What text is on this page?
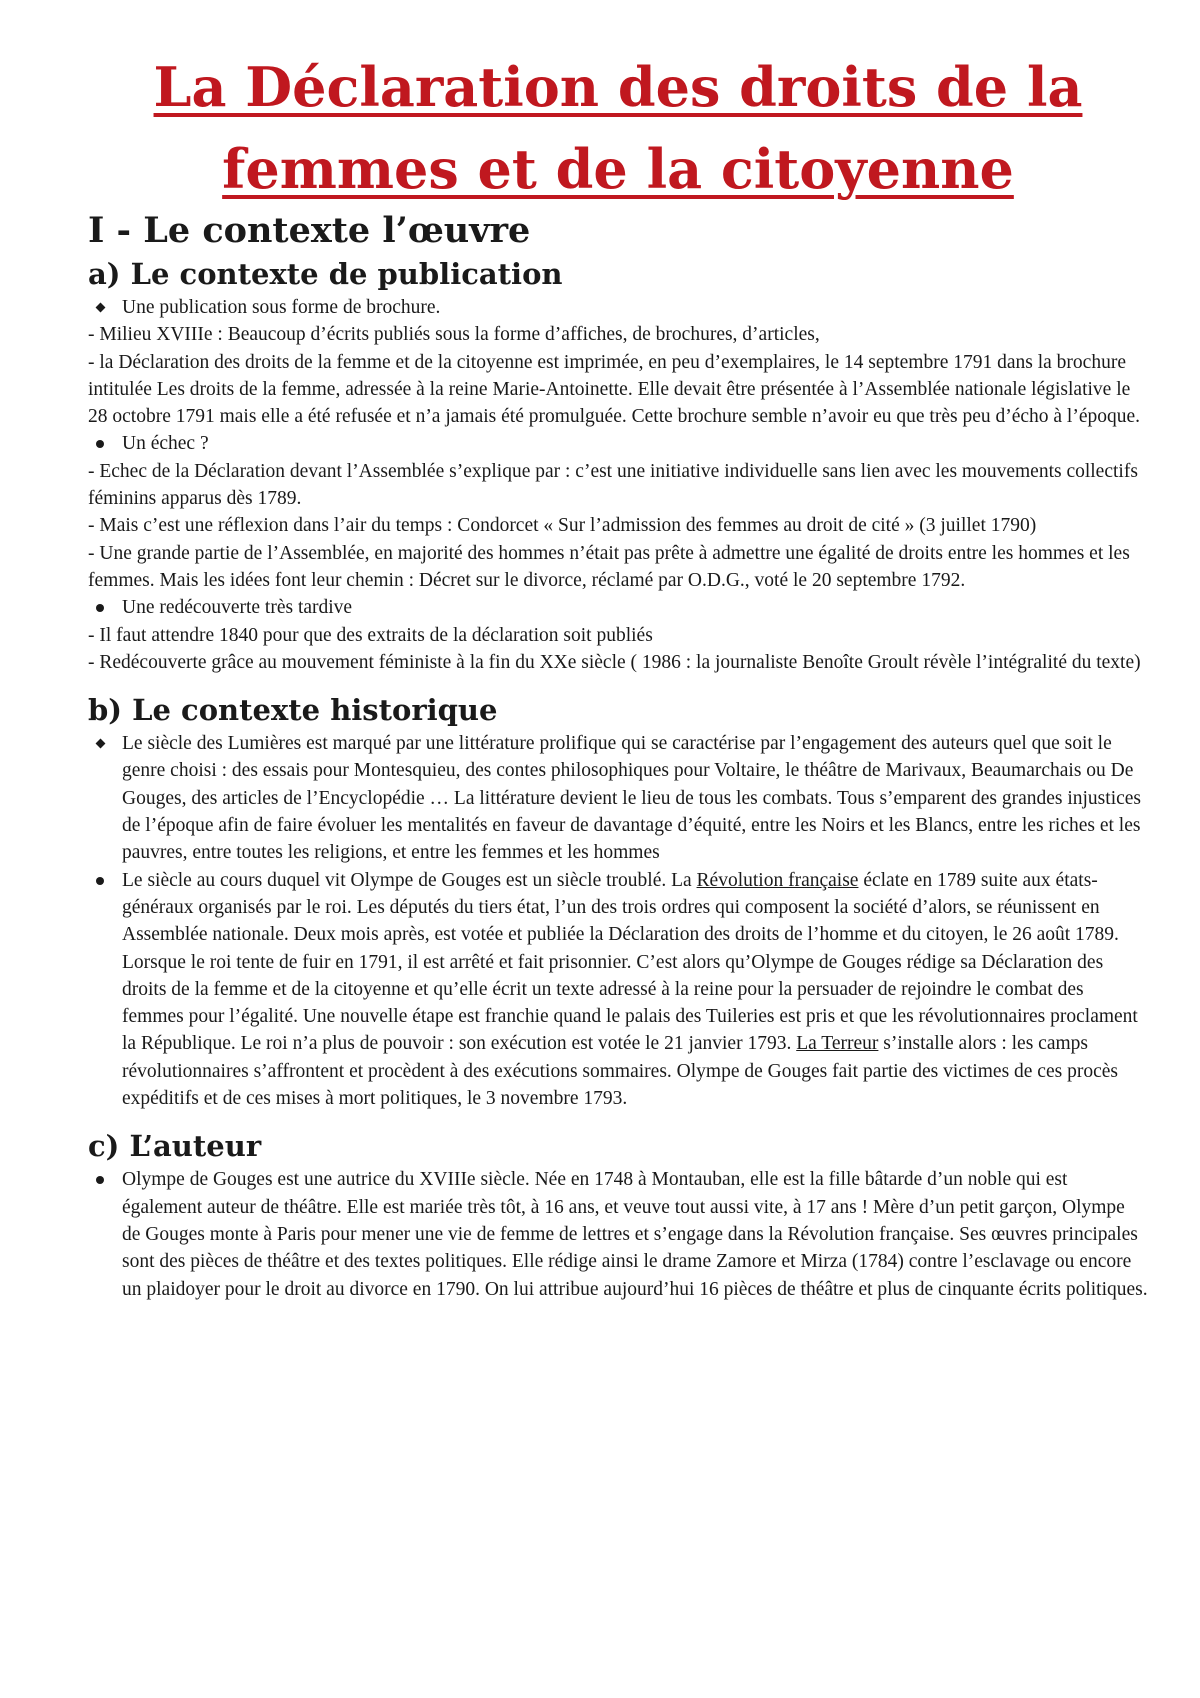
La Déclaration des droits de la
femmes et de la citoyenne
I - Le contexte l’œuvre
a) Le contexte de publication
Une publication sous forme de brochure.

- Milieu XVIIIe : Beaucoup d’écrits publiés sous la forme d’affiches, de brochures, d’articles,

- la Déclaration des droits de la femme et de la citoyenne est imprimée, en peu d’exemplaires, le 14 septembre 1791 dans la brochure intitulée Les droits de la femme, adressée à la reine Marie-Antoinette. Elle devait être présentée à l’Assemblée nationale législative le 28 octobre 1791 mais elle a été refusée et n’a jamais été promulguée. Cette brochure semble n’avoir eu que très peu d’écho à l’époque.

Un échec ?

- Echec de la Déclaration devant l’Assemblée s’explique par : c’est une initiative individuelle sans lien avec les mouvements collectifs féminins apparus dès 1789.

- Mais c’est une réflexion dans l’air du temps : Condorcet « Sur l’admission des femmes au droit de cité » (3 juillet 1790)

- Une grande partie de l’Assemblée, en majorité des hommes n’était pas prête à admettre une égalité de droits entre les hommes et les femmes. Mais les idées font leur chemin : Décret sur le divorce, réclamé par O.D.G., voté le 20 septembre 1792.

Une redécouverte très tardive

- Il faut attendre 1840 pour que des extraits de la déclaration soit publiés

- Redécouverte grâce au mouvement féministe à la fin du XXe siècle ( 1986 : la journaliste Benoîte Groult révèle l’intégralité du texte)

b) Le contexte historique
Le siècle des Lumières est marqué par une littérature prolifique qui se caractérise par l’engagement des auteurs quel que soit le genre choisi : des essais pour Montesquieu, des contes philosophiques pour Voltaire, le théâtre de Marivaux, Beaumarchais ou De Gouges, des articles de l’Encyclopédie … La littérature devient le lieu de tous les combats. Tous s’emparent des grandes injustices de l’époque afin de faire évoluer les mentalités en faveur de davantage d’équité, entre les Noirs et les Blancs, entre les riches et les pauvres, entre toutes les religions, et entre les femmes et les hommes
Le siècle au cours duquel vit Olympe de Gouges est un siècle troublé. La Révolution française éclate en 1789 suite aux états-généraux organisés par le roi. Les députés du tiers état, l’un des trois ordres qui composent la société d’alors, se réunissent en Assemblée nationale. Deux mois après, est votée et publiée la Déclaration des droits de l’homme et du citoyen, le 26 août 1789. Lorsque le roi tente de fuir en 1791, il est arrêté et fait prisonnier. C’est alors qu’Olympe de Gouges rédige sa Déclaration des droits de la femme et de la citoyenne et qu’elle écrit un texte adressé à la reine pour la persuader de rejoindre le combat des femmes pour l’égalité. Une nouvelle étape est franchie quand le palais des Tuileries est pris et que les révolutionnaires proclament la République. Le roi n’a plus de pouvoir : son exécution est votée le 21 janvier 1793. La Terreur s’installe alors : les camps révolutionnaires s’affrontent et procèdent à des exécutions sommaires. Olympe de Gouges fait partie des victimes de ces procès expéditifs et de ces mises à mort politiques, le 3 novembre 1793.
c) L’auteur
Olympe de Gouges est une autrice du XVIIIe siècle. Née en 1748 à Montauban, elle est la fille bâtarde d’un noble qui est également auteur de théâtre. Elle est mariée très tôt, à 16 ans, et veuve tout aussi vite, à 17 ans ! Mère d’un petit garçon, Olympe de Gouges monte à Paris pour mener une vie de femme de lettres et s’engage dans la Révolution française. Ses œuvres principales sont des pièces de théâtre et des textes politiques. Elle rédige ainsi le drame Zamore et Mirza (1784) contre l’esclavage ou encore un plaidoyer pour le droit au divorce en 1790. On lui attribue aujourd’hui 16 pièces de théâtre et plus de cinquante écrits politiques.
